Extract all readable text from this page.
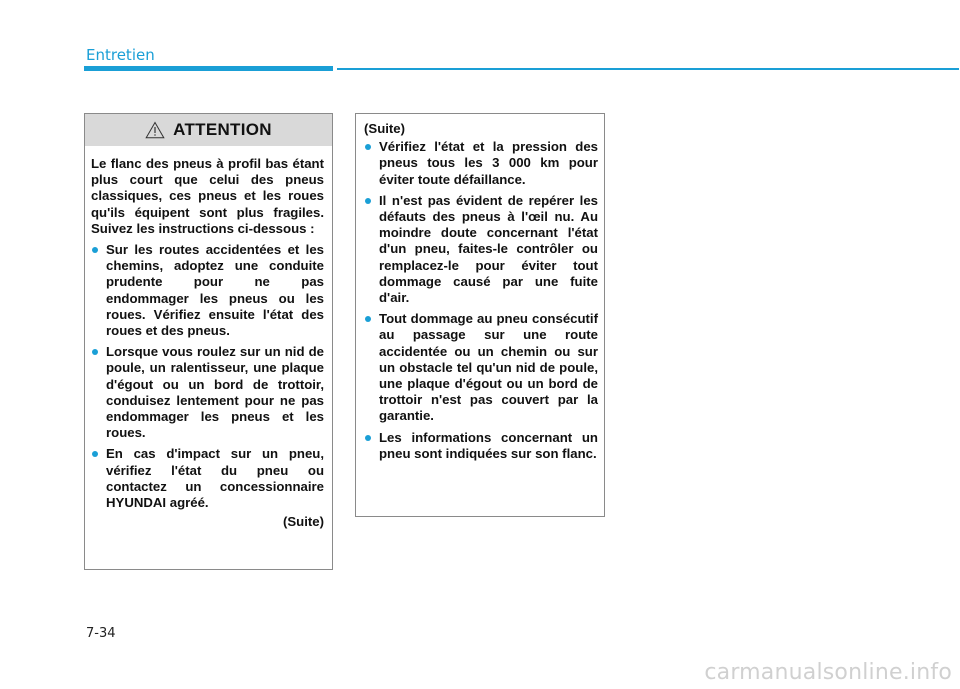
Entretien
ATTENTION

Le flanc des pneus à profil bas étant plus court que celui des pneus classiques, ces pneus et les roues qu'ils équipent sont plus fragiles. Suivez les instructions ci-dessous :

Sur les routes accidentées et les chemins, adoptez une conduite prudente pour ne pas endommager les pneus ou les roues. Vérifiez ensuite l'état des roues et des pneus.
Lorsque vous roulez sur un nid de poule, un ralentisseur, une plaque d'égout ou un bord de trottoir, conduisez lentement pour ne pas endommager les pneus et les roues.
En cas d'impact sur un pneu, vérifiez l'état du pneu ou contactez un concessionnaire HYUNDAI agréé.

(Suite)

(Suite)

Vérifiez l'état et la pression des pneus tous les 3 000 km pour éviter toute défaillance.
Il n'est pas évident de repérer les défauts des pneus à l'œil nu. Au moindre doute concernant l'état d'un pneu, faites-le contrôler ou remplacez-le pour éviter tout dommage causé par une fuite d'air.
Tout dommage au pneu consécutif au passage sur une route accidentée ou un chemin ou sur un obstacle tel qu'un nid de poule, une plaque d'égout ou un bord de trottoir n'est pas couvert par la garantie.
Les informations concernant un pneu sont indiquées sur son flanc.
7-34
carmanualsonline.info
